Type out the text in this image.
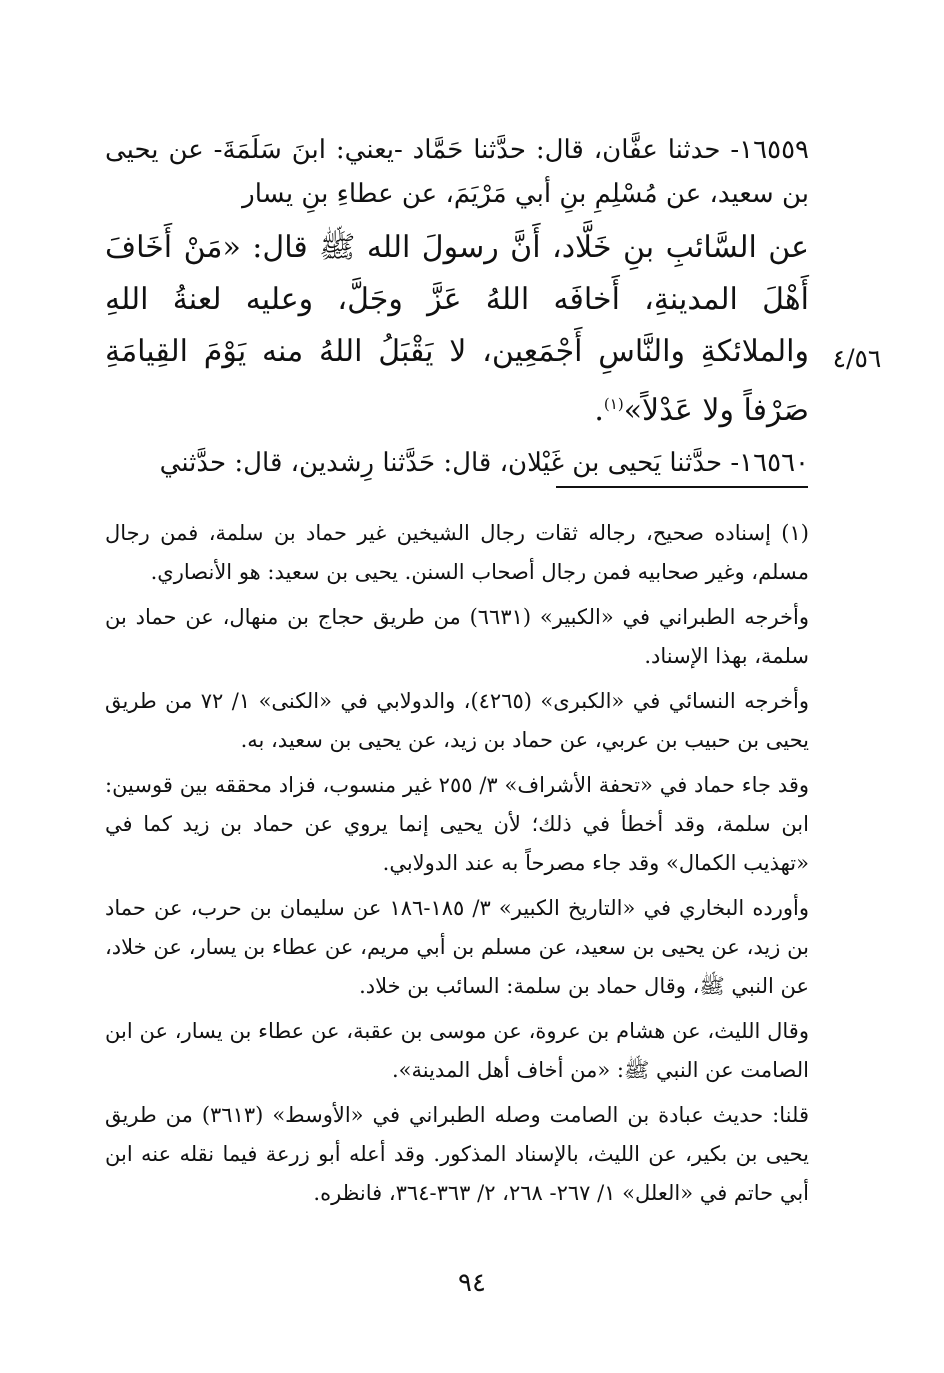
١٦٥٥٩- حدثنا عفَّان، قال: حدَّثنا حَمَّاد -يعني: ابنَ سَلَمَةَ- عن يحيى بن سعيد، عن مُسْلِمِ بنِ أبي مَرْيَمَ، عن عطاءِ بنِ يسار
عن السَّائبِ بنِ خَلَّاد، أَنَّ رسولَ الله ﷺ قال: «مَنْ أَخَافَ أَهْلَ المدينةِ، أَخافَه اللهُ عَزَّ وجَلَّ، وعليه لعنةُ اللهِ والملائكةِ والنَّاسِ أَجْمَعِين، لا يَقْبَلُ اللهُ منه يَوْمَ القِيامَةِ صَرْفاً ولا عَدْلاً»$^{(١)}$.
١٦٥٦٠- حدَّثنا يَحيى بن غَيْلان، قال: حَدَّثنا رِشدين، قال: حدَّثني
٤/٥٦

(١) إسناده صحيح، رجاله ثقات رجال الشيخين غير حماد بن سلمة، فمن رجال مسلم، وغير صحابيه فمن رجال أصحاب السنن. يحيى بن سعيد: هو الأنصاري.

وأخرجه الطبراني في «الكبير» (٦٦٣١) من طريق حجاج بن منهال، عن حماد بن سلمة، بهذا الإسناد.

وأخرجه النسائي في «الكبرى» (٤٢٦٥)، والدولابي في «الكنى» ١/ ٧٢ من طريق يحيى بن حبيب بن عربي، عن حماد بن زيد، عن يحيى بن سعيد، به.

وقد جاء حماد في «تحفة الأشراف» ٣/ ٢٥٥ غير منسوب، فزاد محققه بين قوسين: ابن سلمة، وقد أخطأ في ذلك؛ لأن يحيى إنما يروي عن حماد بن زيد كما في «تهذيب الكمال» وقد جاء مصرحاً به عند الدولابي.

وأورده البخاري في «التاريخ الكبير» ٣/ ١٨٥-١٨٦ عن سليمان بن حرب، عن حماد بن زيد، عن يحيى بن سعيد، عن مسلم بن أبي مريم، عن عطاء بن يسار، عن خلاد، عن النبي ﷺ، وقال حماد بن سلمة: السائب بن خلاد.

وقال الليث، عن هشام بن عروة، عن موسى بن عقبة، عن عطاء بن يسار، عن ابن الصامت عن النبي ﷺ: «من أخاف أهل المدينة».

قلنا: حديث عبادة بن الصامت وصله الطبراني في «الأوسط» (٣٦١٣) من طريق يحيى بن بكير، عن الليث، بالإسناد المذكور. وقد أعله أبو زرعة فيما نقله عنه ابن أبي حاتم في «العلل» ١/ ٢٦٧- ٢٦٨، ٢/ ٣٦٣-٣٦٤، فانظره.

٩٤
